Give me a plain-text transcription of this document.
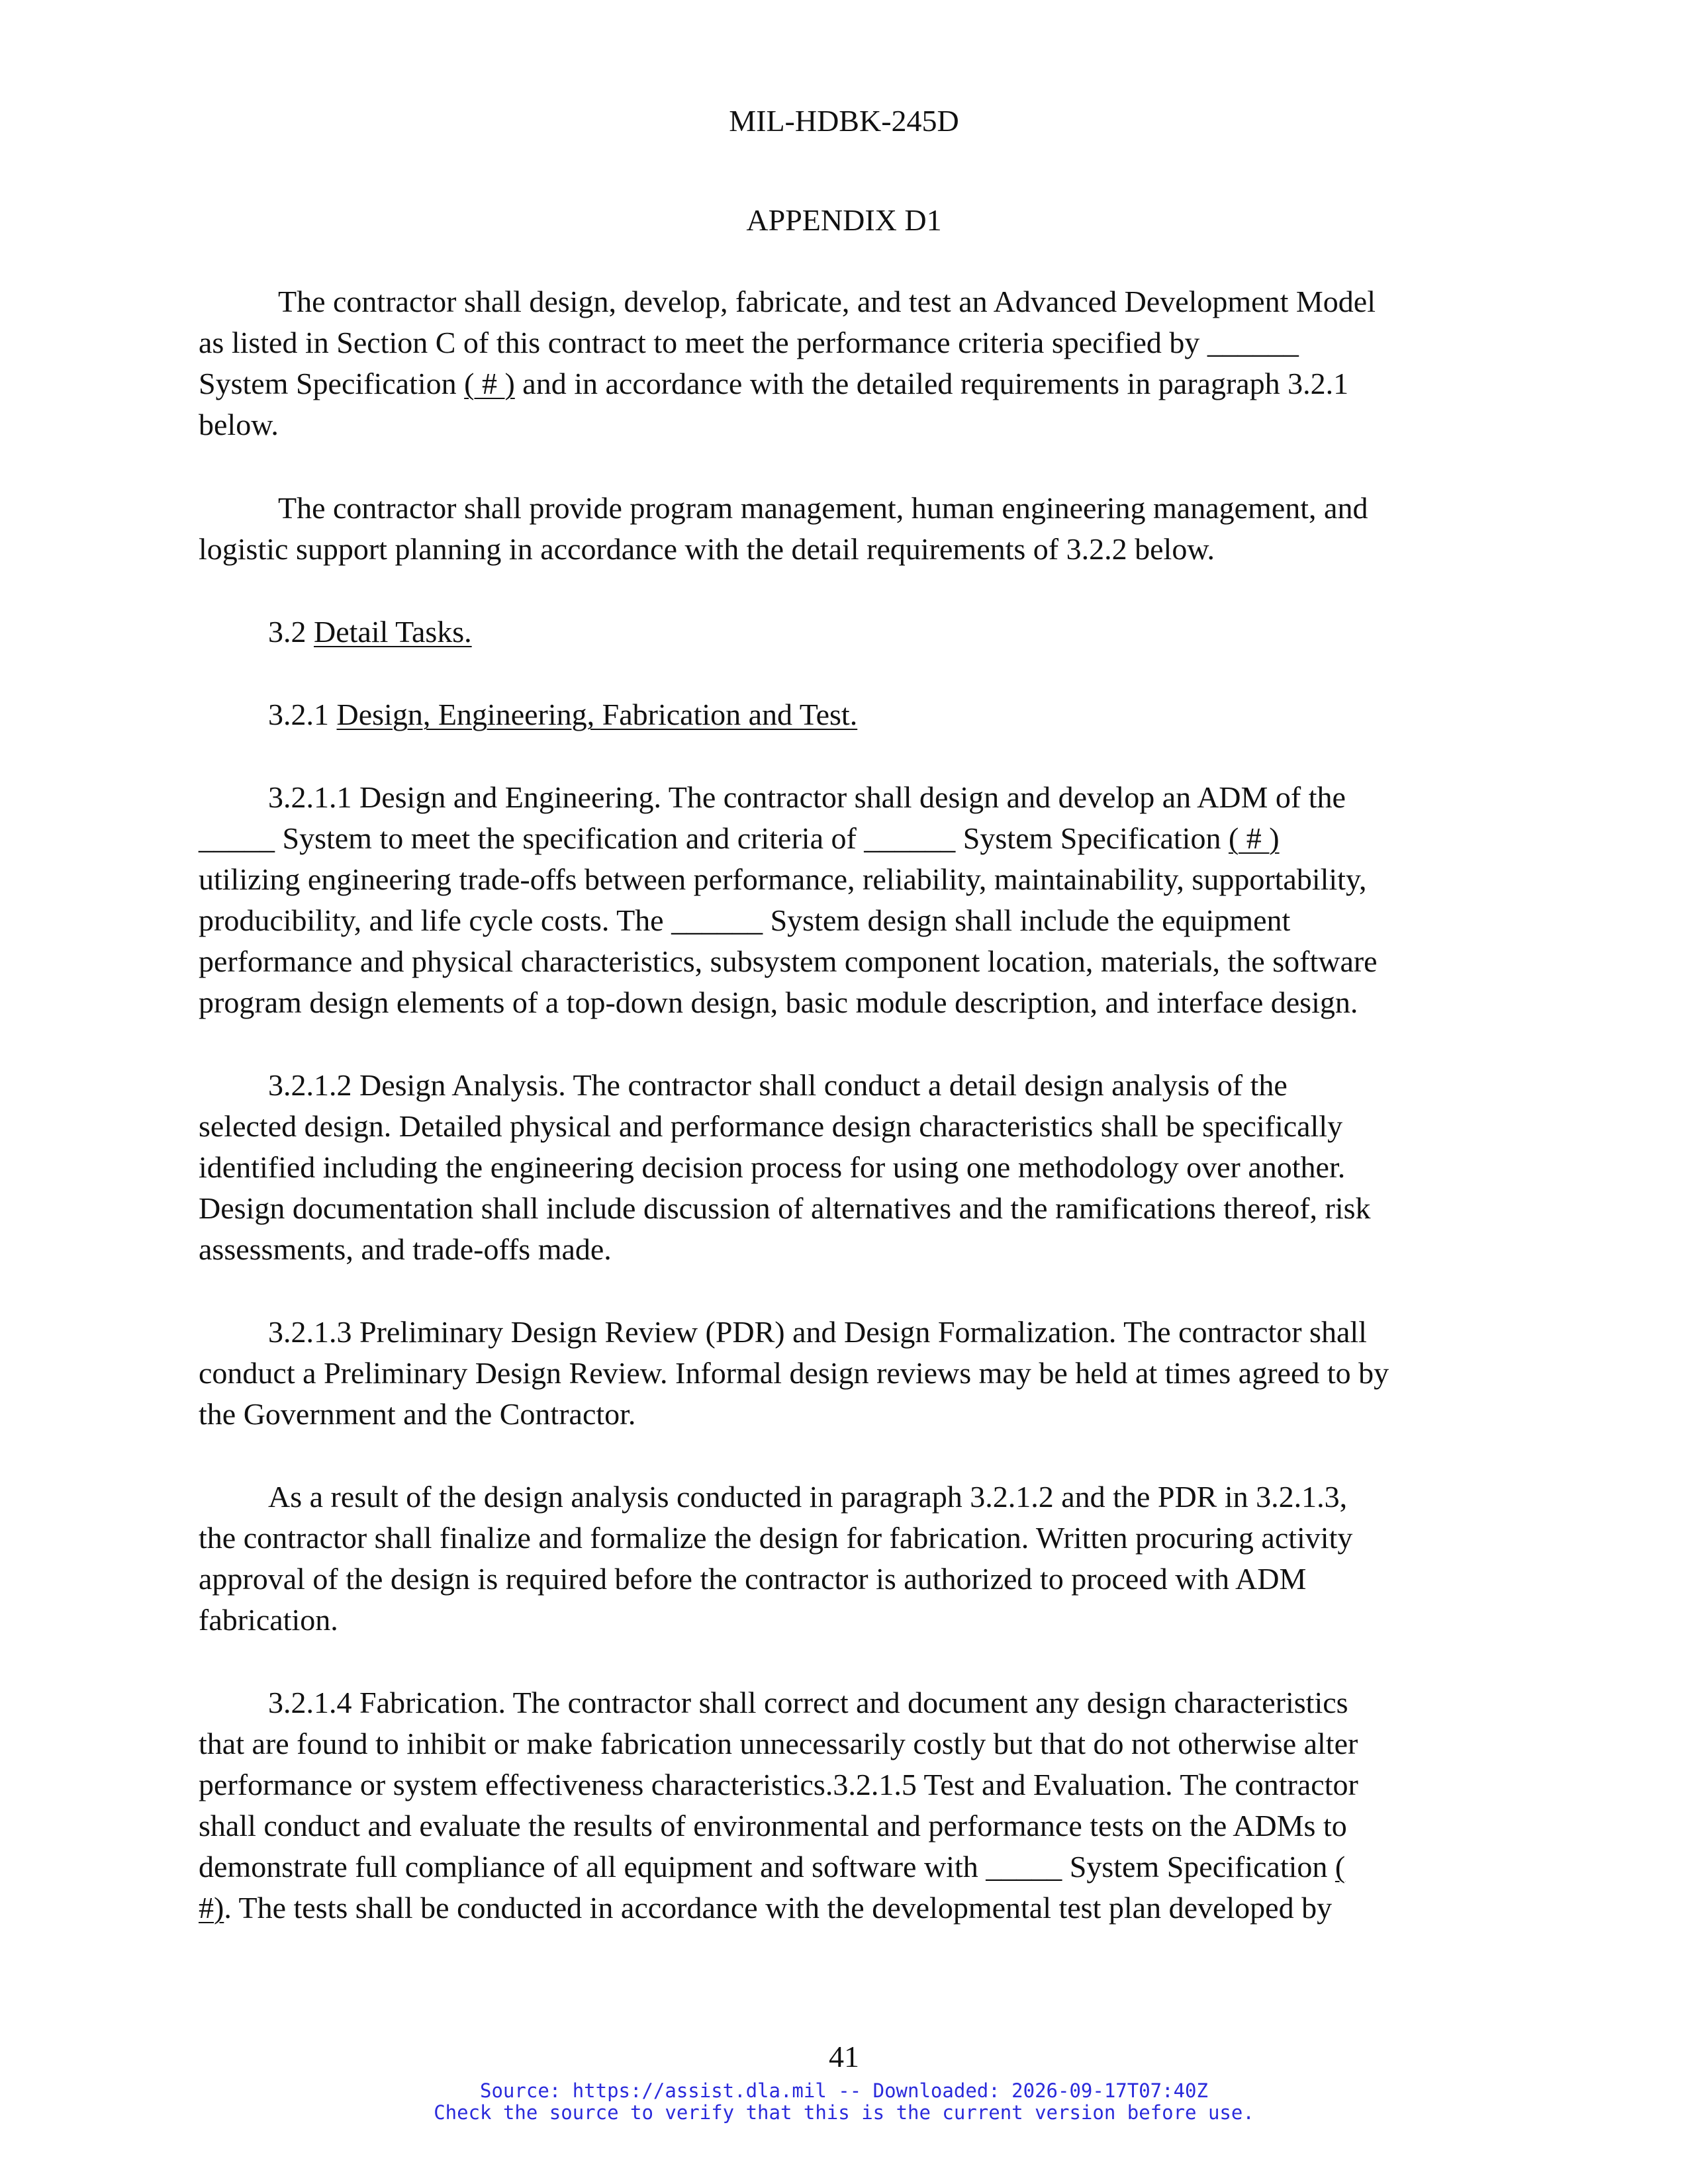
MIL-HDBK-245D
APPENDIX D1
The contractor shall design, develop, fabricate, and test an Advanced Development Model
as listed in Section C of this contract to meet the performance criteria specified by ______
System Specification ( # ) and in accordance with the detailed requirements in paragraph 3.2.1
below.
The contractor shall provide program management, human engineering management, and
logistic support planning in accordance with the detail requirements of 3.2.2 below.
3.2 Detail Tasks.
3.2.1 Design, Engineering, Fabrication and Test.
3.2.1.1 Design and Engineering. The contractor shall design and develop an ADM of the
_____ System to meet the specification and criteria of ______ System Specification ( # )
utilizing engineering trade-offs between performance, reliability, maintainability, supportability,
producibility, and life cycle costs. The ______ System design shall include the equipment
performance and physical characteristics, subsystem component location, materials, the software
program design elements of a top-down design, basic module description, and interface design.
3.2.1.2 Design Analysis. The contractor shall conduct a detail design analysis of the
selected design. Detailed physical and performance design characteristics shall be specifically
identified including the engineering decision process for using one methodology over another.
Design documentation shall include discussion of alternatives and the ramifications thereof, risk
assessments, and trade-offs made.
3.2.1.3 Preliminary Design Review (PDR) and Design Formalization. The contractor shall
conduct a Preliminary Design Review. Informal design reviews may be held at times agreed to by
the Government and the Contractor.
As a result of the design analysis conducted in paragraph 3.2.1.2 and the PDR in 3.2.1.3,
the contractor shall finalize and formalize the design for fabrication. Written procuring activity
approval of the design is required before the contractor is authorized to proceed with ADM
fabrication.
3.2.1.4 Fabrication. The contractor shall correct and document any design characteristics
that are found to inhibit or make fabrication unnecessarily costly but that do not otherwise alter
performance or system effectiveness characteristics.3.2.1.5 Test and Evaluation. The contractor
shall conduct and evaluate the results of environmental and performance tests on the ADMs to
demonstrate full compliance of all equipment and software with _____ System Specification (
#). The tests shall be conducted in accordance with the developmental test plan developed by
41
Source: https://assist.dla.mil -- Downloaded: 2026-09-17T07:40Z
Check the source to verify that this is the current version before use.
